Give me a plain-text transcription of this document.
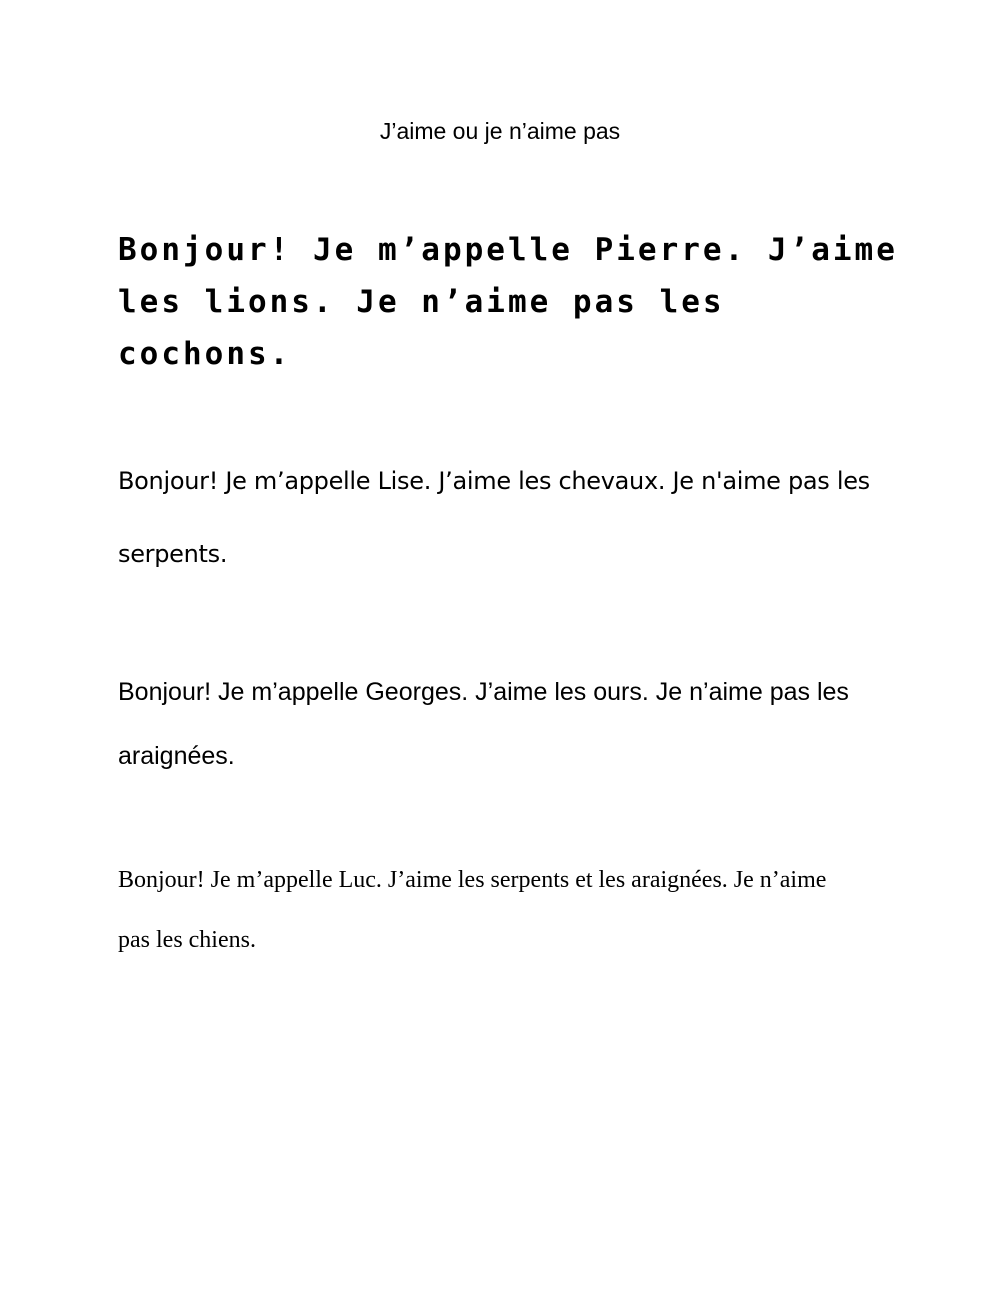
J’aime ou je n’aime pas

Bonjour! Je m’appelle Pierre. J’aime les lions. Je n’aime pas les cochons.

Bonjour! Je m’appelle Lise. J’aime les chevaux. Je n'aime pas les serpents.

Bonjour! Je m’appelle Georges. J’aime les ours. Je n’aime pas les araignées.

Bonjour! Je m’appelle Luc. J’aime les serpents et les araignées. Je n’aime pas les chiens.
